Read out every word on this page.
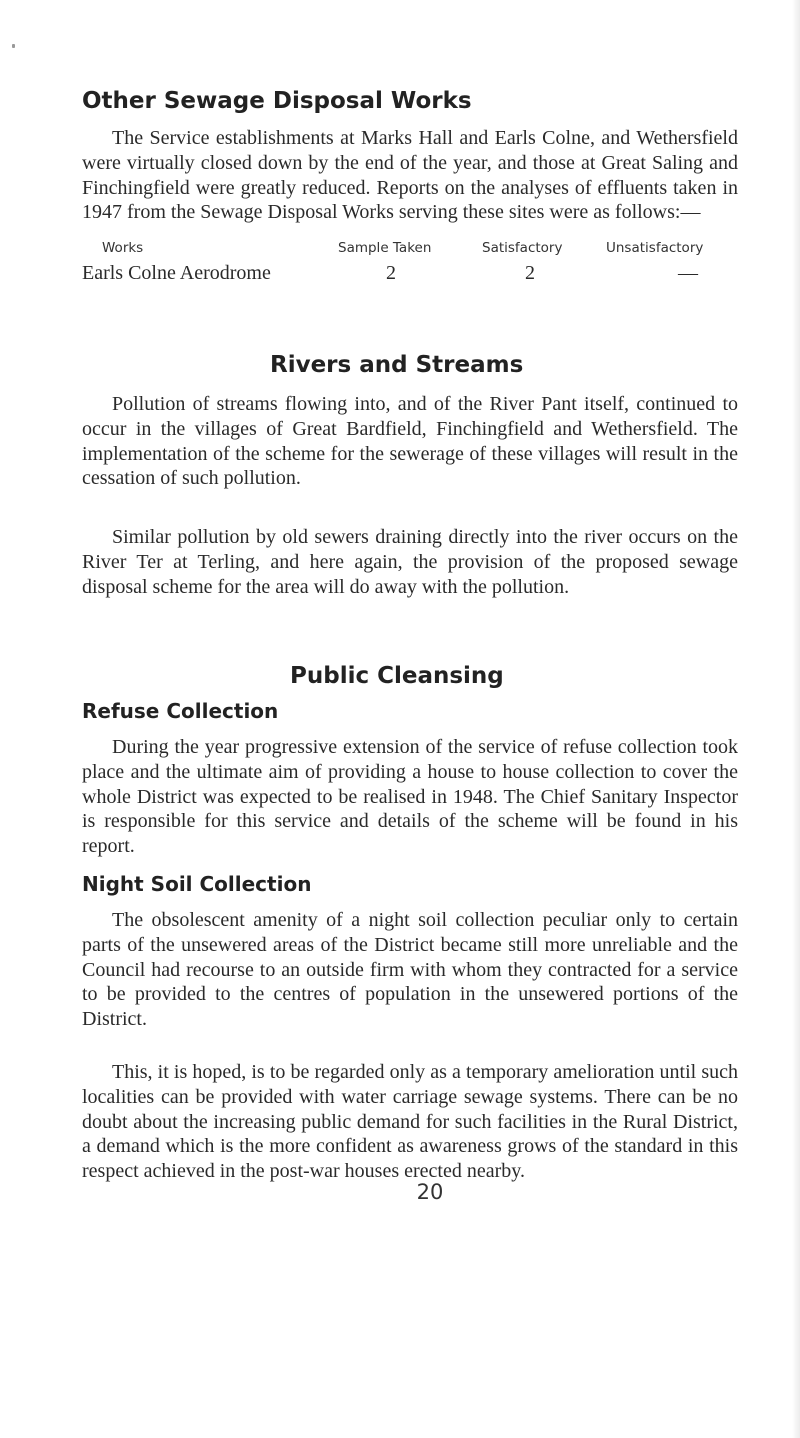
Other Sewage Disposal Works

The Service establishments at Marks Hall and Earls Colne, and Wethersfield were virtually closed down by the end of the year, and those at Great Saling and Finchingfield were greatly reduced. Reports on the analyses of effluents taken in 1947 from the Sewage Disposal Works serving these sites were as follows:—

Works	Sample Taken	Satisfactory	Unsatisfactory
Earls Colne Aerodrome	2	2	—
Rivers and Streams

Pollution of streams flowing into, and of the River Pant itself, continued to occur in the villages of Great Bardfield, Finchingfield and Wethersfield. The implementation of the scheme for the sewerage of these villages will result in the cessation of such pollution.

Similar pollution by old sewers draining directly into the river occurs on the River Ter at Terling, and here again, the provision of the proposed sewage disposal scheme for the area will do away with the pollution.

Public Cleansing
Refuse Collection

During the year progressive extension of the service of refuse collection took place and the ultimate aim of providing a house to house collection to cover the whole District was expected to be realised in 1948. The Chief Sanitary Inspector is responsible for this service and details of the scheme will be found in his report.

Night Soil Collection

The obsolescent amenity of a night soil collection peculiar only to certain parts of the unsewered areas of the District became still more unreliable and the Council had recourse to an outside firm with whom they contracted for a service to be provided to the centres of population in the unsewered portions of the District.

This, it is hoped, is to be regarded only as a temporary amelioration until such localities can be provided with water carriage sewage systems. There can be no doubt about the increasing public demand for such facilities in the Rural District, a demand which is the more confident as awareness grows of the standard in this respect achieved in the post-war houses erected nearby.

20
